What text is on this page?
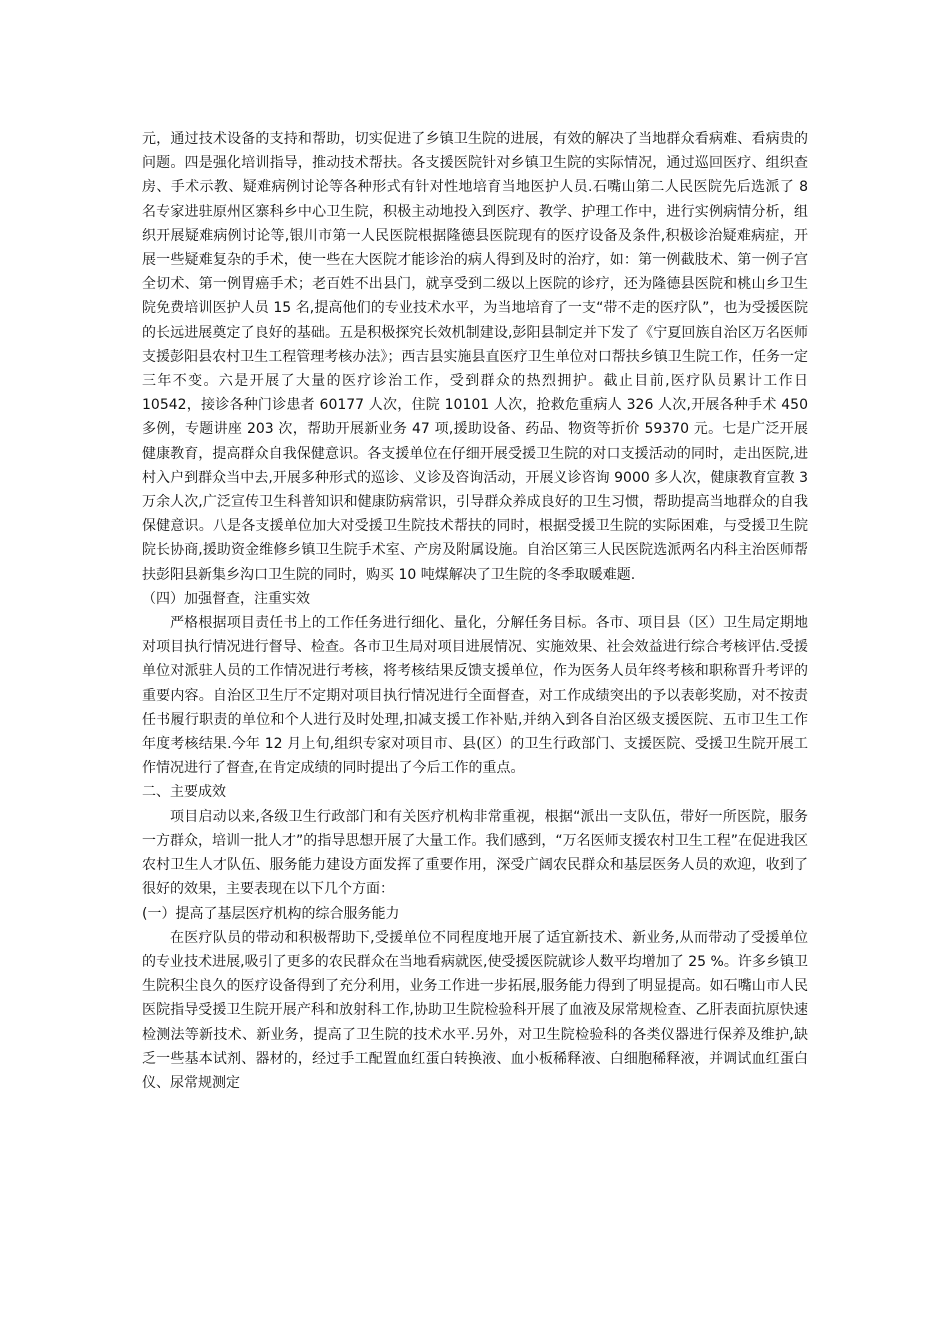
元，通过技术设备的支持和帮助，切实促进了乡镇卫生院的进展，有效的解决了当地群众看病难、看病贵的问题。四是强化培训指导，推动技术帮扶。各支援医院针对乡镇卫生院的实际情况，通过巡回医疗、组织查房、手术示教、疑难病例讨论等各种形式有针对性地培育当地医护人员.石嘴山第二人民医院先后选派了 8 名专家进驻原州区寨科乡中心卫生院，积极主动地投入到医疗、教学、护理工作中，进行实例病情分析，组织开展疑难病例讨论等,银川市第一人民医院根据隆德县医院现有的医疗设备及条件,积极诊治疑难病症，开展一些疑难复杂的手术，使一些在大医院才能诊治的病人得到及时的治疗，如：第一例截肢术、第一例子宫全切术、第一例胃癌手术；老百姓不出县门，就享受到二级以上医院的诊疗，还为隆德县医院和桃山乡卫生院免费培训医护人员 15 名,提高他们的专业技术水平，为当地培育了一支“带不走的医疗队”，也为受援医院的长远进展奠定了良好的基础。五是积极探究长效机制建设,彭阳县制定并下发了《宁夏回族自治区万名医师支援彭阳县农村卫生工程管理考核办法》；西吉县实施县直医疗卫生单位对口帮扶乡镇卫生院工作，任务一定三年不变。六是开展了大量的医疗诊治工作，受到群众的热烈拥护。截止目前,医疗队员累计工作日 10542，接诊各种门诊患者 60177 人次，住院 10101 人次，抢救危重病人 326 人次,开展各种手术 450 多例，专题讲座 203 次，帮助开展新业务 47 项,援助设备、药品、物资等折价 59370 元。七是广泛开展健康教育，提高群众自我保健意识。各支援单位在仔细开展受援卫生院的对口支援活动的同时，走出医院,进村入户到群众当中去,开展多种形式的巡诊、义诊及咨询活动，开展义诊咨询 9000 多人次，健康教育宣教 3 万余人次,广泛宣传卫生科普知识和健康防病常识，引导群众养成良好的卫生习惯，帮助提高当地群众的自我保健意识。八是各支援单位加大对受援卫生院技术帮扶的同时，根据受援卫生院的实际困难，与受援卫生院院长协商,援助资金维修乡镇卫生院手术室、产房及附属设施。自治区第三人民医院选派两名内科主治医师帮扶彭阳县新集乡沟口卫生院的同时，购买 10 吨煤解决了卫生院的冬季取暖难题.

（四）加强督查，注重实效

严格根据项目责任书上的工作任务进行细化、量化，分解任务目标。各市、项目县（区）卫生局定期地对项目执行情况进行督导、检查。各市卫生局对项目进展情况、实施效果、社会效益进行综合考核评估.受援单位对派驻人员的工作情况进行考核，将考核结果反馈支援单位，作为医务人员年终考核和职称晋升考评的重要内容。自治区卫生厅不定期对项目执行情况进行全面督查，对工作成绩突出的予以表彰奖励，对不按责任书履行职责的单位和个人进行及时处理,扣减支援工作补贴,并纳入到各自治区级支援医院、五市卫生工作年度考核结果.今年 12 月上旬,组织专家对项目市、县(区）的卫生行政部门、支援医院、受援卫生院开展工作情况进行了督查,在肯定成绩的同时提出了今后工作的重点。

二、主要成效

项目启动以来,各级卫生行政部门和有关医疗机构非常重视，根据“派出一支队伍，带好一所医院，服务一方群众，培训一批人才”的指导思想开展了大量工作。我们感到，“万名医师支援农村卫生工程”在促进我区农村卫生人才队伍、服务能力建设方面发挥了重要作用，深受广阔农民群众和基层医务人员的欢迎，收到了很好的效果，主要表现在以下几个方面：

(一）提高了基层医疗机构的综合服务能力

在医疗队员的带动和积极帮助下,受援单位不同程度地开展了适宜新技术、新业务,从而带动了受援单位的专业技术进展,吸引了更多的农民群众在当地看病就医,使受援医院就诊人数平均增加了 25 %。许多乡镇卫生院积尘良久的医疗设备得到了充分利用，业务工作进一步拓展,服务能力得到了明显提高。如石嘴山市人民医院指导受援卫生院开展产科和放射科工作,协助卫生院检验科开展了血液及尿常规检查、乙肝表面抗原快速检测法等新技术、新业务，提高了卫生院的技术水平.另外，对卫生院检验科的各类仪器进行保养及维护,缺乏一些基本试剂、器材的，经过手工配置血红蛋白转换液、血小板稀释液、白细胞稀释液，并调试血红蛋白仪、尿常规测定
